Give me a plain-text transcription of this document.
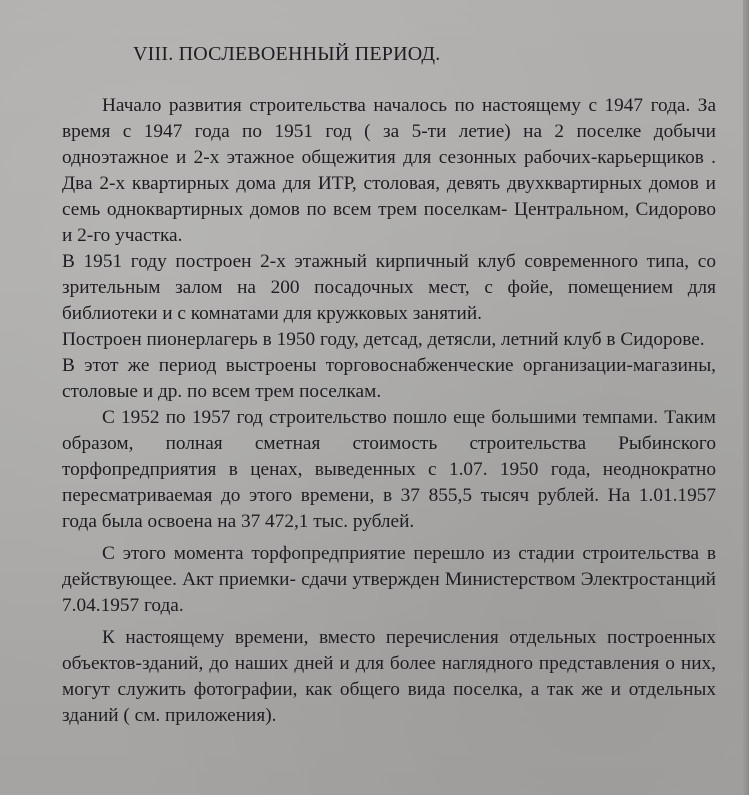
VIII. ПОСЛЕВОЕННЫЙ ПЕРИОД.

Начало развития строительства началось по настоящему с 1947 года. За время с 1947 года по 1951 год ( за 5-ти летие) на 2 поселке добычи одноэтажное и 2-х этажное общежития для сезонных рабочих-карьерщиков . Два 2-х квартирных дома для ИТР, столовая, девять двухквартирных домов и семь одноквартирных домов по всем трем поселкам- Центральном, Сидорово и 2-го участка.

В 1951 году построен 2-х этажный кирпичный клуб современного типа, со зрительным залом на 200 посадочных мест, с фойе, помещением для библиотеки и с комнатами для кружковых занятий.

Построен пионерлагерь в 1950 году, детсад, детясли, летний клуб в Сидорове.

В этот же период выстроены торговоснабженческие организации-магазины, столовые и др. по всем трем поселкам.

С 1952 по 1957 год строительство пошло еще большими темпами. Таким образом, полная сметная стоимость строительства Рыбинского торфопредприятия в ценах, выведенных с 1.07. 1950 года, неоднократно пересматриваемая до этого времени, в 37 855,5 тысяч рублей. На 1.01.1957 года была освоена на 37 472,1 тыс. рублей.

С этого момента торфопредприятие перешло из стадии строительства в действующее. Акт приемки- сдачи утвержден Министерством Электростанций 7.04.1957 года.

К настоящему времени, вместо перечисления отдельных построенных объектов-зданий, до наших дней и для более наглядного представления о них, могут служить фотографии, как общего вида поселка, а так же и отдельных зданий ( см. приложения).
